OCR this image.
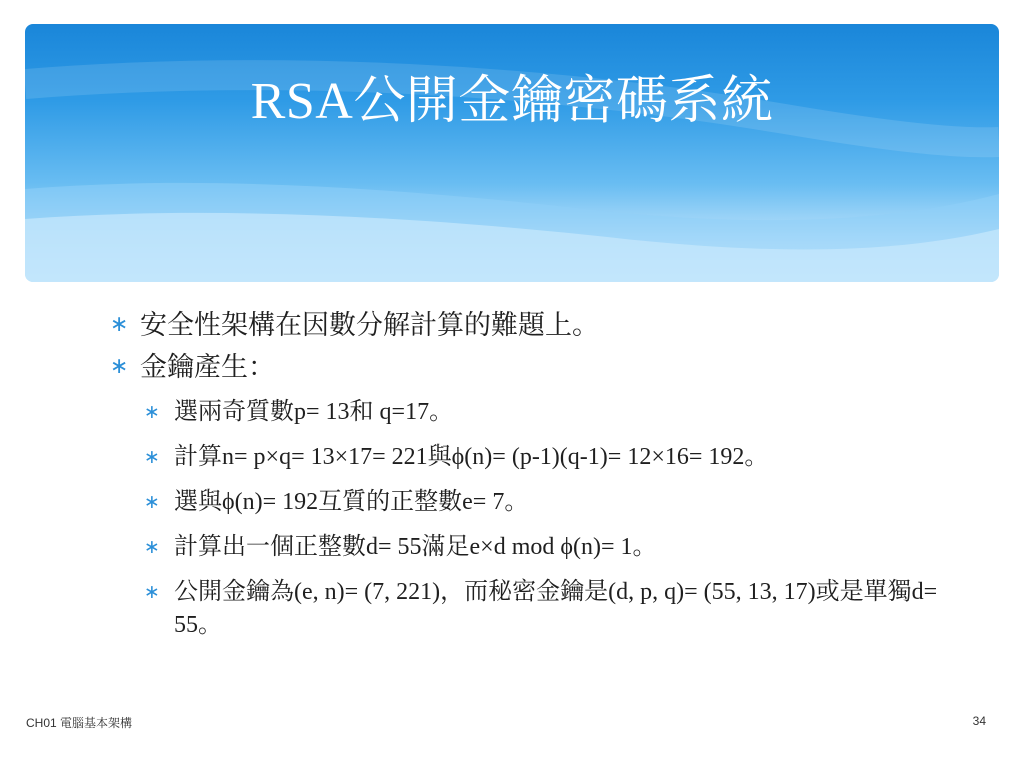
RSA公開金鑰密碼系統
∗ 安全性架構在因數分解計算的難題上。
∗ 金鑰產生：
∗ 選兩奇質數p= 13和 q=17。
∗ 計算n= p×q= 13×17= 221與ϕ(n)= (p-1)(q-1)= 12×16= 192。
∗ 選與ϕ(n)= 192互質的正整數e= 7。
∗ 計算出一個正整數d= 55滿足e×d mod ϕ(n)= 1。
∗ 公開金鑰為(e, n)= (7, 221)，而秘密金鑰是(d, p, q)= (55, 13, 17)或是單獨d= 55。
CH01 電腦基本架構	34
